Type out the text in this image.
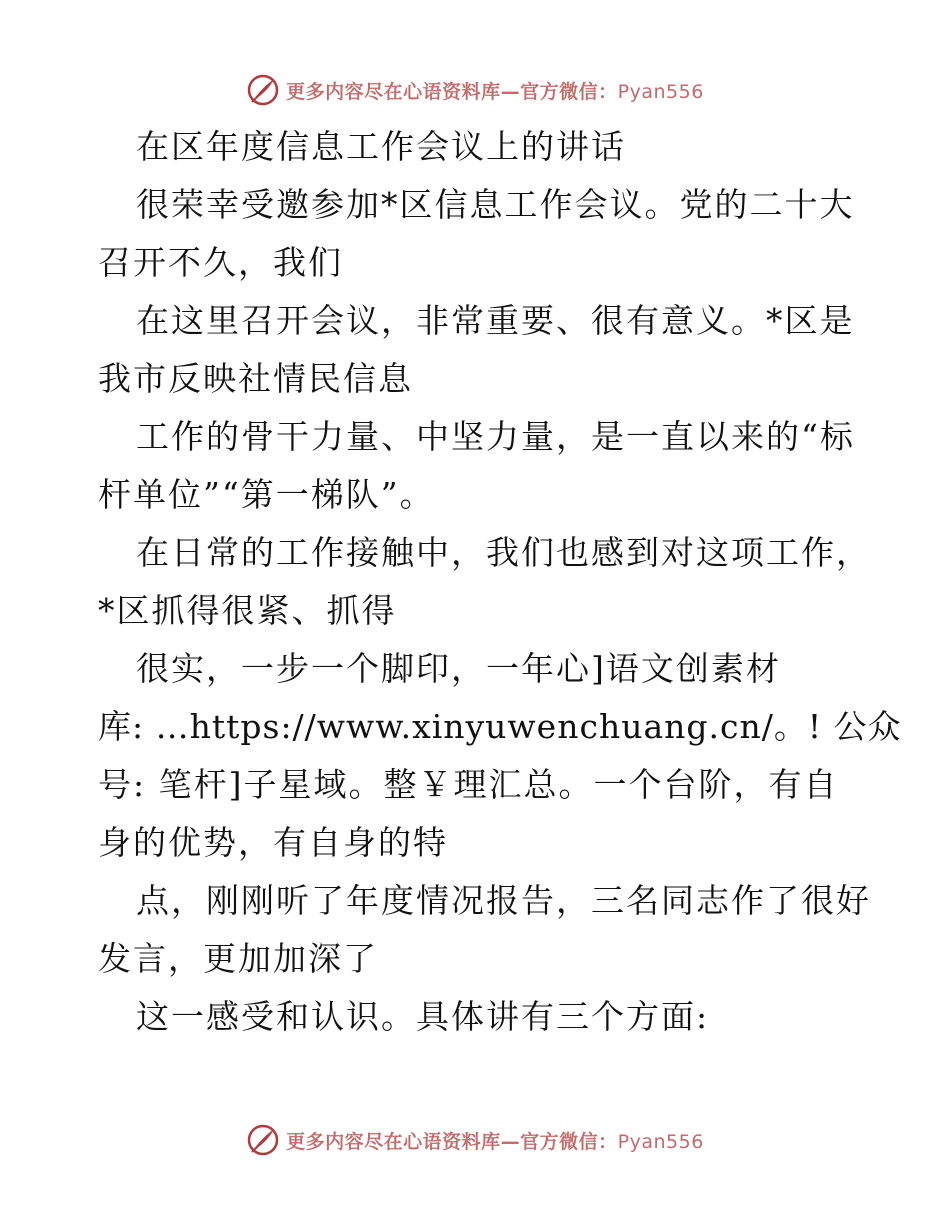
更多内容尽在心语资料库—官方微信：Pyan556

在区年度信息工作会议上的讲话

很荣幸受邀参加*区信息工作会议。党的二十大

召开不久，我们

在这里召开会议，非常重要、很有意义。*区是

我市反映社情民信息

工作的骨干力量、中坚力量，是一直以来的“标

杆单位”“第一梯队”。

在日常的工作接触中，我们也感到对这项工作，

*区抓得很紧、抓得

很实，一步一个脚印，一年心]语文创素材

库: …https://www.xinyuwenchuang.cn/。! 公众

号: 笔杆]子星域。整￥理汇总。一个台阶，有自

身的优势，有自身的特

点，刚刚听了年度情况报告，三名同志作了很好

发言，更加加深了

这一感受和认识。具体讲有三个方面:

更多内容尽在心语资料库—官方微信：Pyan556
